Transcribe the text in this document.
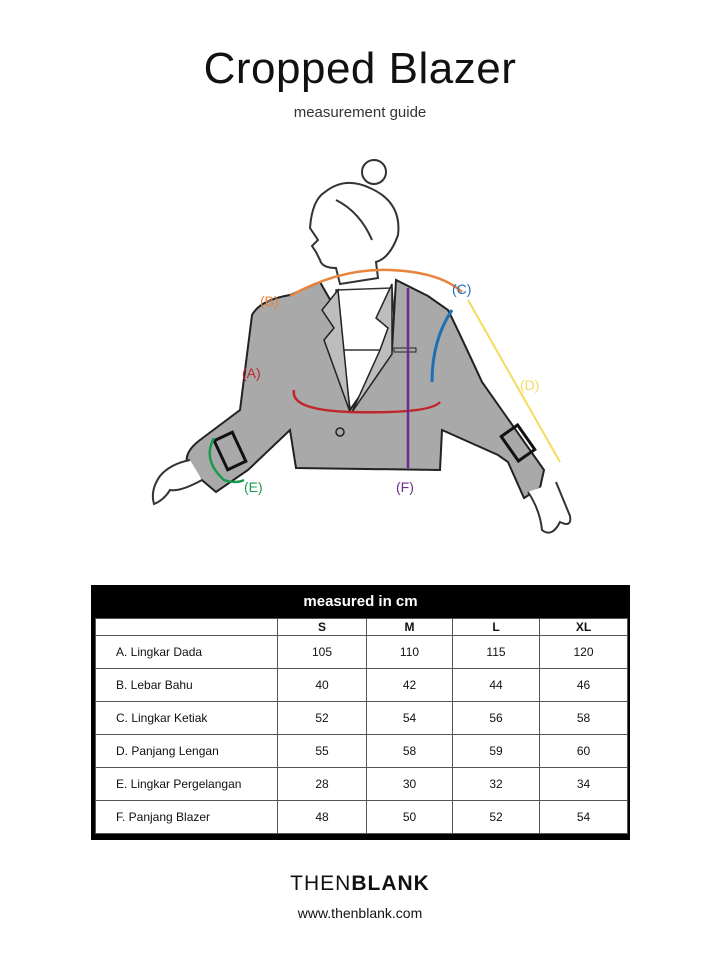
Cropped Blazer
measurement guide
(A)
(B)
(C)
(D)
(E)	(F)
measured in cm
	S	M	L	XL
A. Lingkar Dada	105	110	115	120
B. Lebar Bahu	40	42	44	46
C. Lingkar Ketiak	52	54	56	58
D. Panjang Lengan	55	58	59	60
E. Lingkar Pergelangan	28	30	32	34
F. Panjang Blazer	48	50	52	54
THENBLANK
www.thenblank.com
